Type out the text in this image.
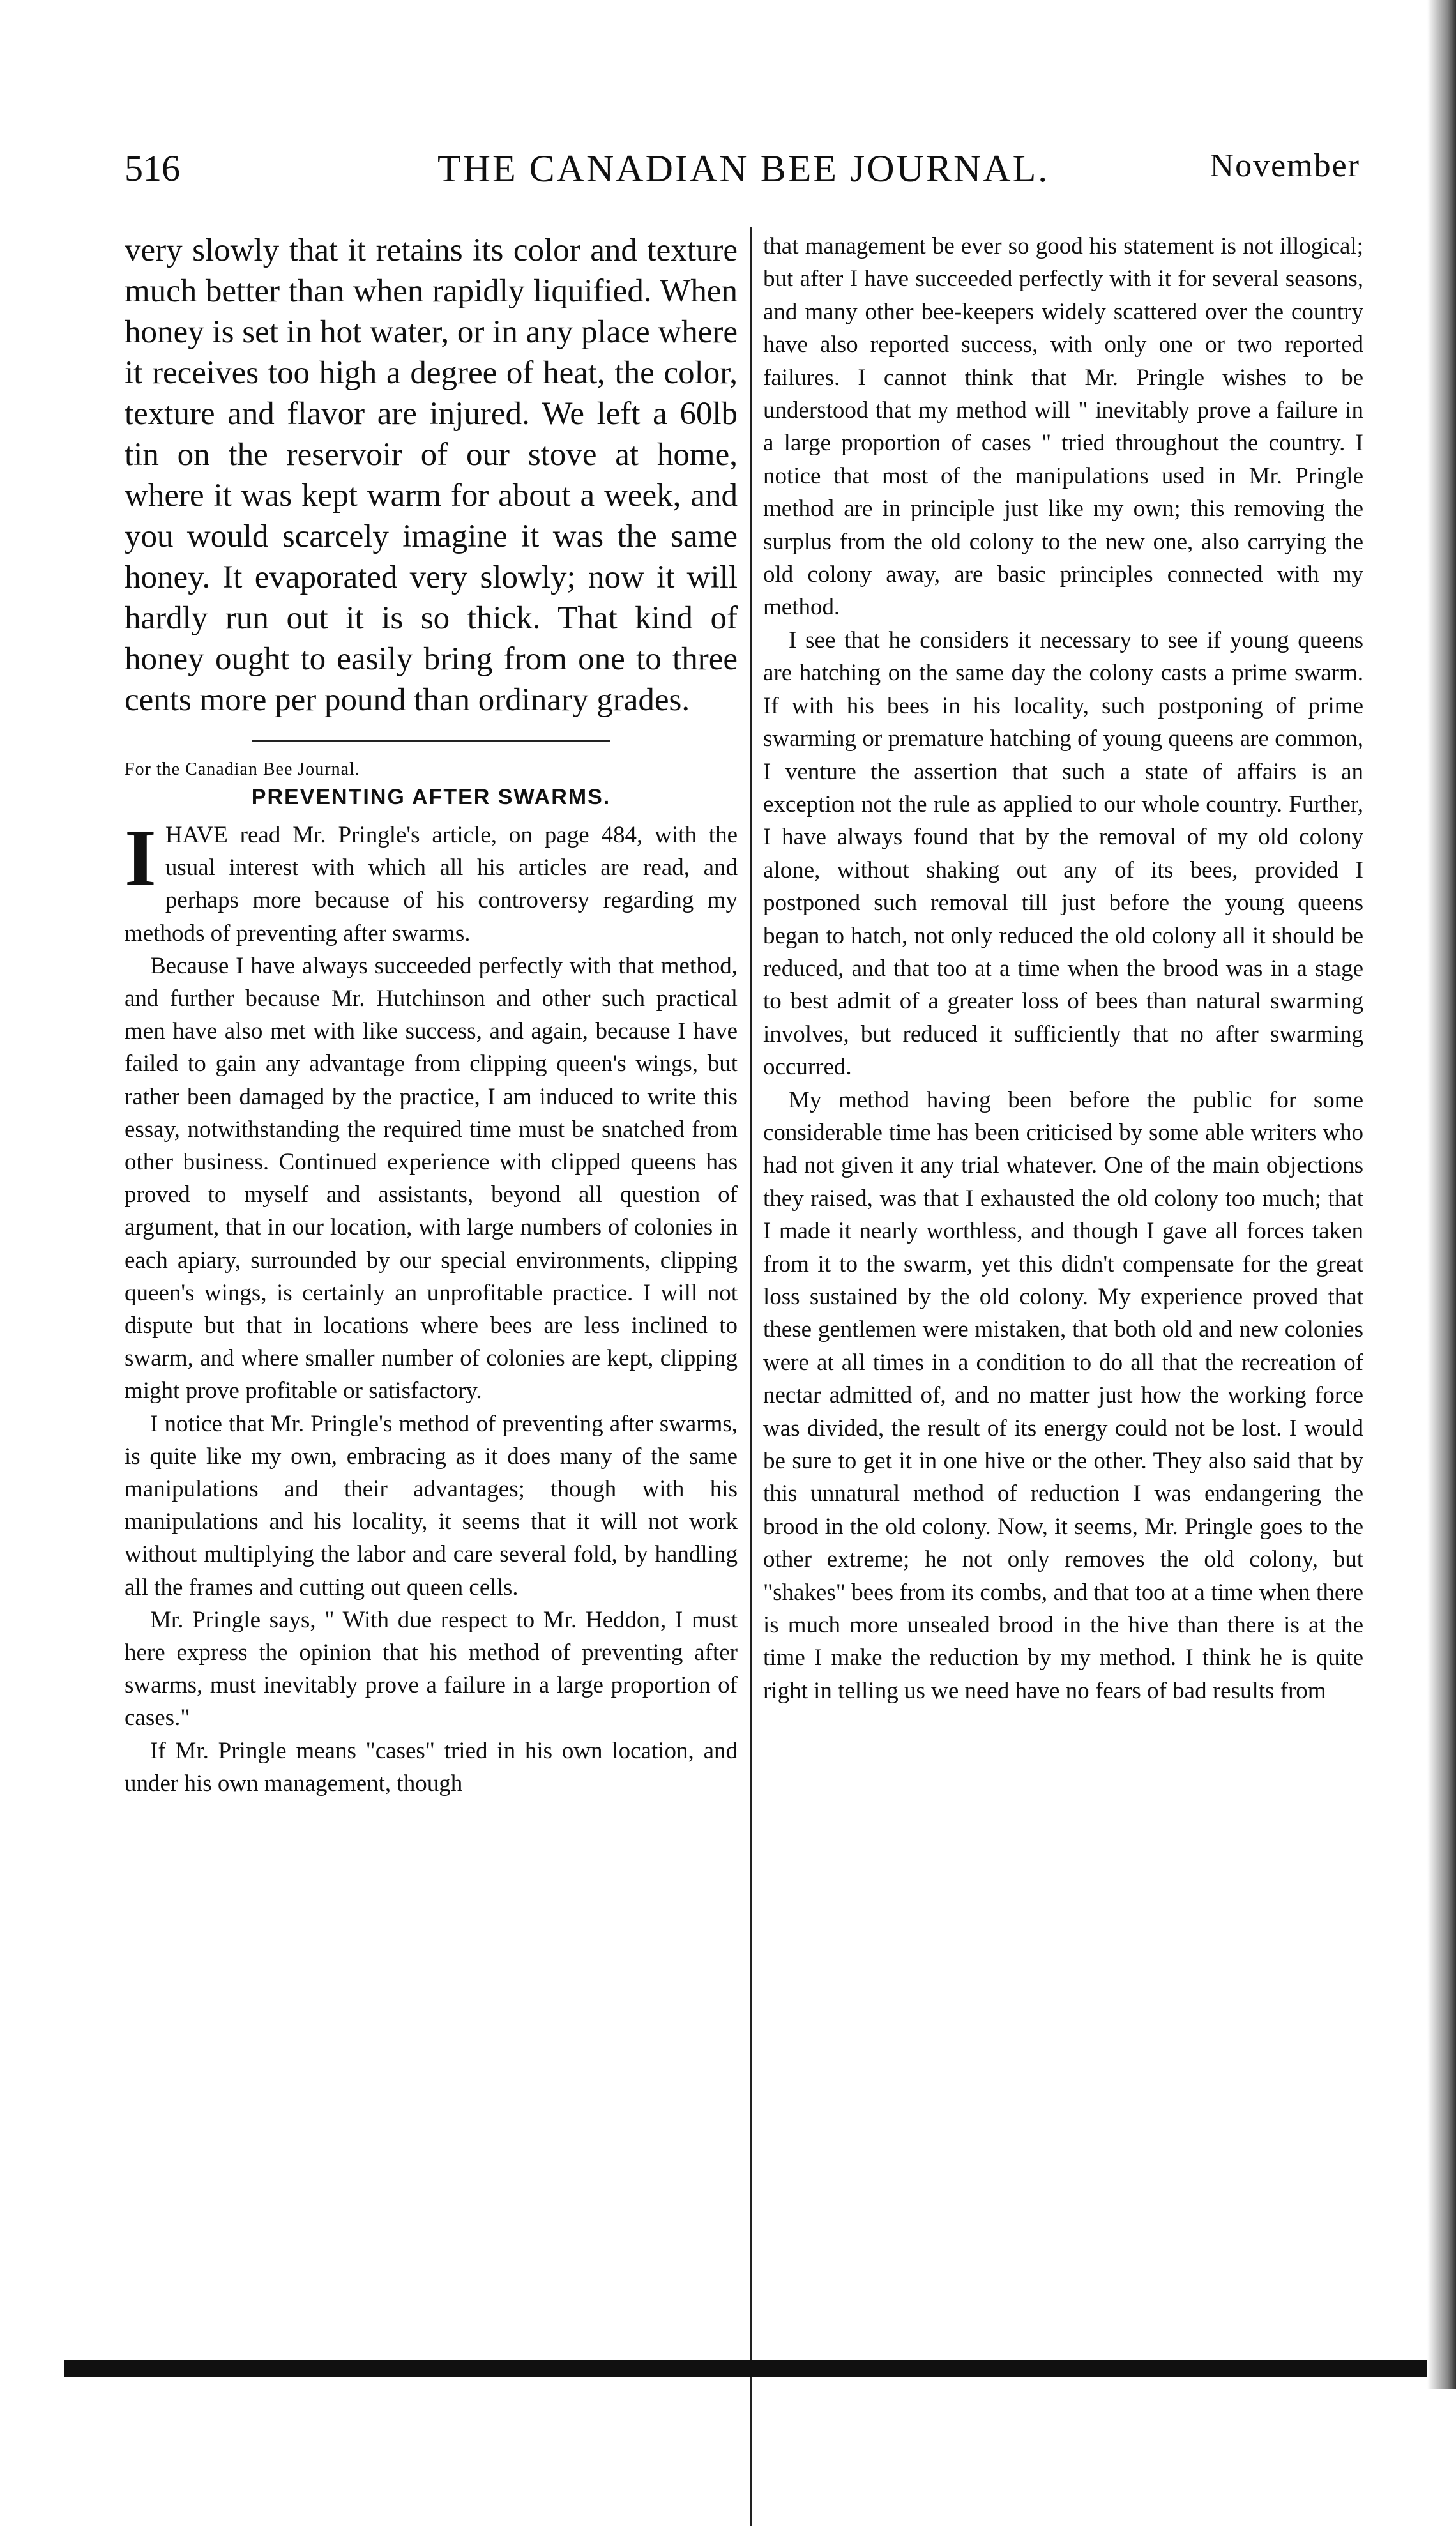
516	THE CANADIAN BEE JOURNAL.	November

very slowly that it retains its color and texture much better than when rapidly liquified. When honey is set in hot water, or in any place where it receives too high a degree of heat, the color, texture and flavor are injured. We left a 60lb tin on the reservoir of our stove at home, where it was kept warm for about a week, and you would scarcely imagine it was the same honey. It evaporated very slowly; now it will hardly run out it is so thick. That kind of honey ought to easily bring from one to three cents more per pound than ordinary grades.

For the Canadian Bee Journal.
PREVENTING AFTER SWARMS.

IHAVE read Mr. Pringle's article, on page 484, with the usual interest with which all his articles are read, and perhaps more because of his controversy regarding my methods of preventing after swarms.

Because I have always succeeded perfectly with that method, and further because Mr. Hutchinson and other such practical men have also met with like success, and again, because I have failed to gain any advantage from clipping queen's wings, but rather been damaged by the practice, I am induced to write this essay, notwithstanding the required time must be snatched from other business. Continued experience with clipped queens has proved to myself and assistants, beyond all question of argument, that in our location, with large numbers of colonies in each apiary, surrounded by our special environments, clipping queen's wings, is certainly an unprofitable practice. I will not dispute but that in locations where bees are less inclined to swarm, and where smaller number of colonies are kept, clipping might prove profitable or satisfactory.

I notice that Mr. Pringle's method of preventing after swarms, is quite like my own, embracing as it does many of the same manipulations and their advantages; though with his manipulations and his locality, it seems that it will not work without multiplying the labor and care several fold, by handling all the frames and cutting out queen cells.

Mr. Pringle says, " With due respect to Mr. Heddon, I must here express the opinion that his method of preventing after swarms, must inevitably prove a failure in a large proportion of cases."

If Mr. Pringle means "cases" tried in his own location, and under his own management, though

that management be ever so good his statement is not illogical; but after I have succeeded perfectly with it for several seasons, and many other bee-keepers widely scattered over the country have also reported success, with only one or two reported failures. I cannot think that Mr. Pringle wishes to be understood that my method will " inevitably prove a failure in a large proportion of cases " tried throughout the country. I notice that most of the manipulations used in Mr. Pringle method are in principle just like my own; this removing the surplus from the old colony to the new one, also carrying the old colony away, are basic principles connected with my method.

I see that he considers it necessary to see if young queens are hatching on the same day the colony casts a prime swarm. If with his bees in his locality, such postponing of prime swarming or premature hatching of young queens are common, I venture the assertion that such a state of affairs is an exception not the rule as applied to our whole country. Further, I have always found that by the removal of my old colony alone, without shaking out any of its bees, provided I postponed such removal till just before the young queens began to hatch, not only reduced the old colony all it should be reduced, and that too at a time when the brood was in a stage to best admit of a greater loss of bees than natural swarming involves, but reduced it sufficiently that no after swarming occurred.

My method having been before the public for some considerable time has been criticised by some able writers who had not given it any trial whatever. One of the main objections they raised, was that I exhausted the old colony too much; that I made it nearly worthless, and though I gave all forces taken from it to the swarm, yet this didn't compensate for the great loss sustained by the old colony. My experience proved that these gentlemen were mistaken, that both old and new colonies were at all times in a condition to do all that the recreation of nectar admitted of, and no matter just how the working force was divided, the result of its energy could not be lost. I would be sure to get it in one hive or the other. They also said that by this unnatural method of reduction I was endangering the brood in the old colony. Now, it seems, Mr. Pringle goes to the other extreme; he not only removes the old colony, but "shakes" bees from its combs, and that too at a time when there is much more unsealed brood in the hive than there is at the time I make the reduction by my method. I think he is quite right in telling us we need have no fears of bad results from
